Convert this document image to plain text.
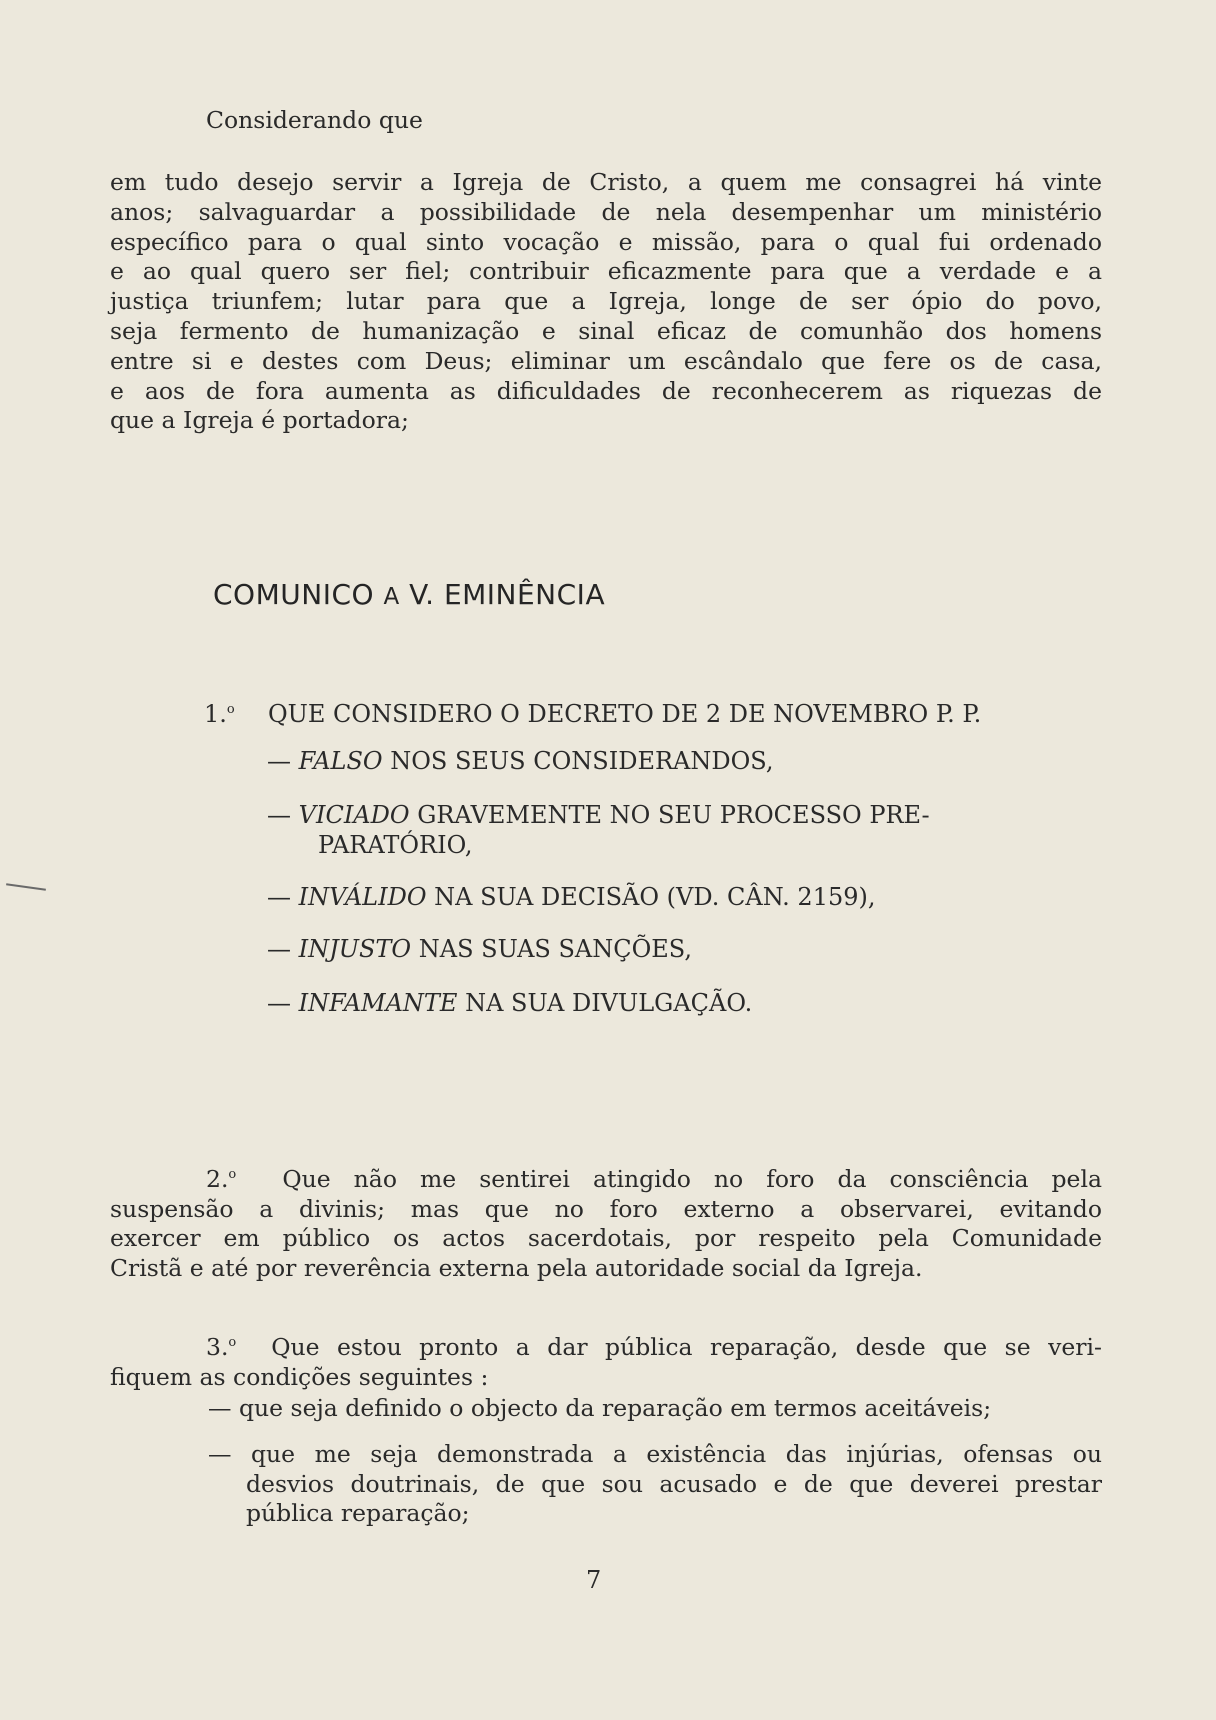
Considerando que
em tudo desejo servir a Igreja de Cristo, a quem me consagrei há vinte
anos; salvaguardar a possibilidade de nela desempenhar um ministério
específico para o qual sinto vocação e missão, para o qual fui ordenado
e ao qual quero ser fiel; contribuir eficazmente para que a verdade e a
justiça triunfem; lutar para que a Igreja, longe de ser ópio do povo,
seja fermento de humanização e sinal eficaz de comunhão dos homens
entre si e destes com Deus; eliminar um escândalo que fere os de casa,
e aos de fora aumenta as dificuldades de reconhecerem as riquezas de
que a Igreja é portadora;
COMUNICO A V. EMINÊNCIA
1.$^o$ QUE CONSIDERO O DECRETO DE 2 DE NOVEMBRO P. P.
— FALSO NOS SEUS CONSIDERANDOS,
— VICIADO GRAVEMENTE NO SEU PROCESSO PRE-
PARATÓRIO,
— INVÁLIDO NA SUA DECISÃO (VD. CÂN. 2159),
— INJUSTO NAS SUAS SANÇÕES,
— INFAMANTE NA SUA DIVULGAÇÃO.
2.$^o$ Que não me sentirei atingido no foro da consciência pela
suspensão a divinis; mas que no foro externo a observarei, evitando
exercer em público os actos sacerdotais, por respeito pela Comunidade
Cristã e até por reverência externa pela autoridade social da Igreja.
3.$^o$ Que estou pronto a dar pública reparação, desde que se veri-
fiquem as condições seguintes :
— que seja definido o objecto da reparação em termos aceitáveis;
— que me seja demonstrada a existência das injúrias, ofensas ou
desvios doutrinais, de que sou acusado e de que deverei prestar
pública reparação;
7
